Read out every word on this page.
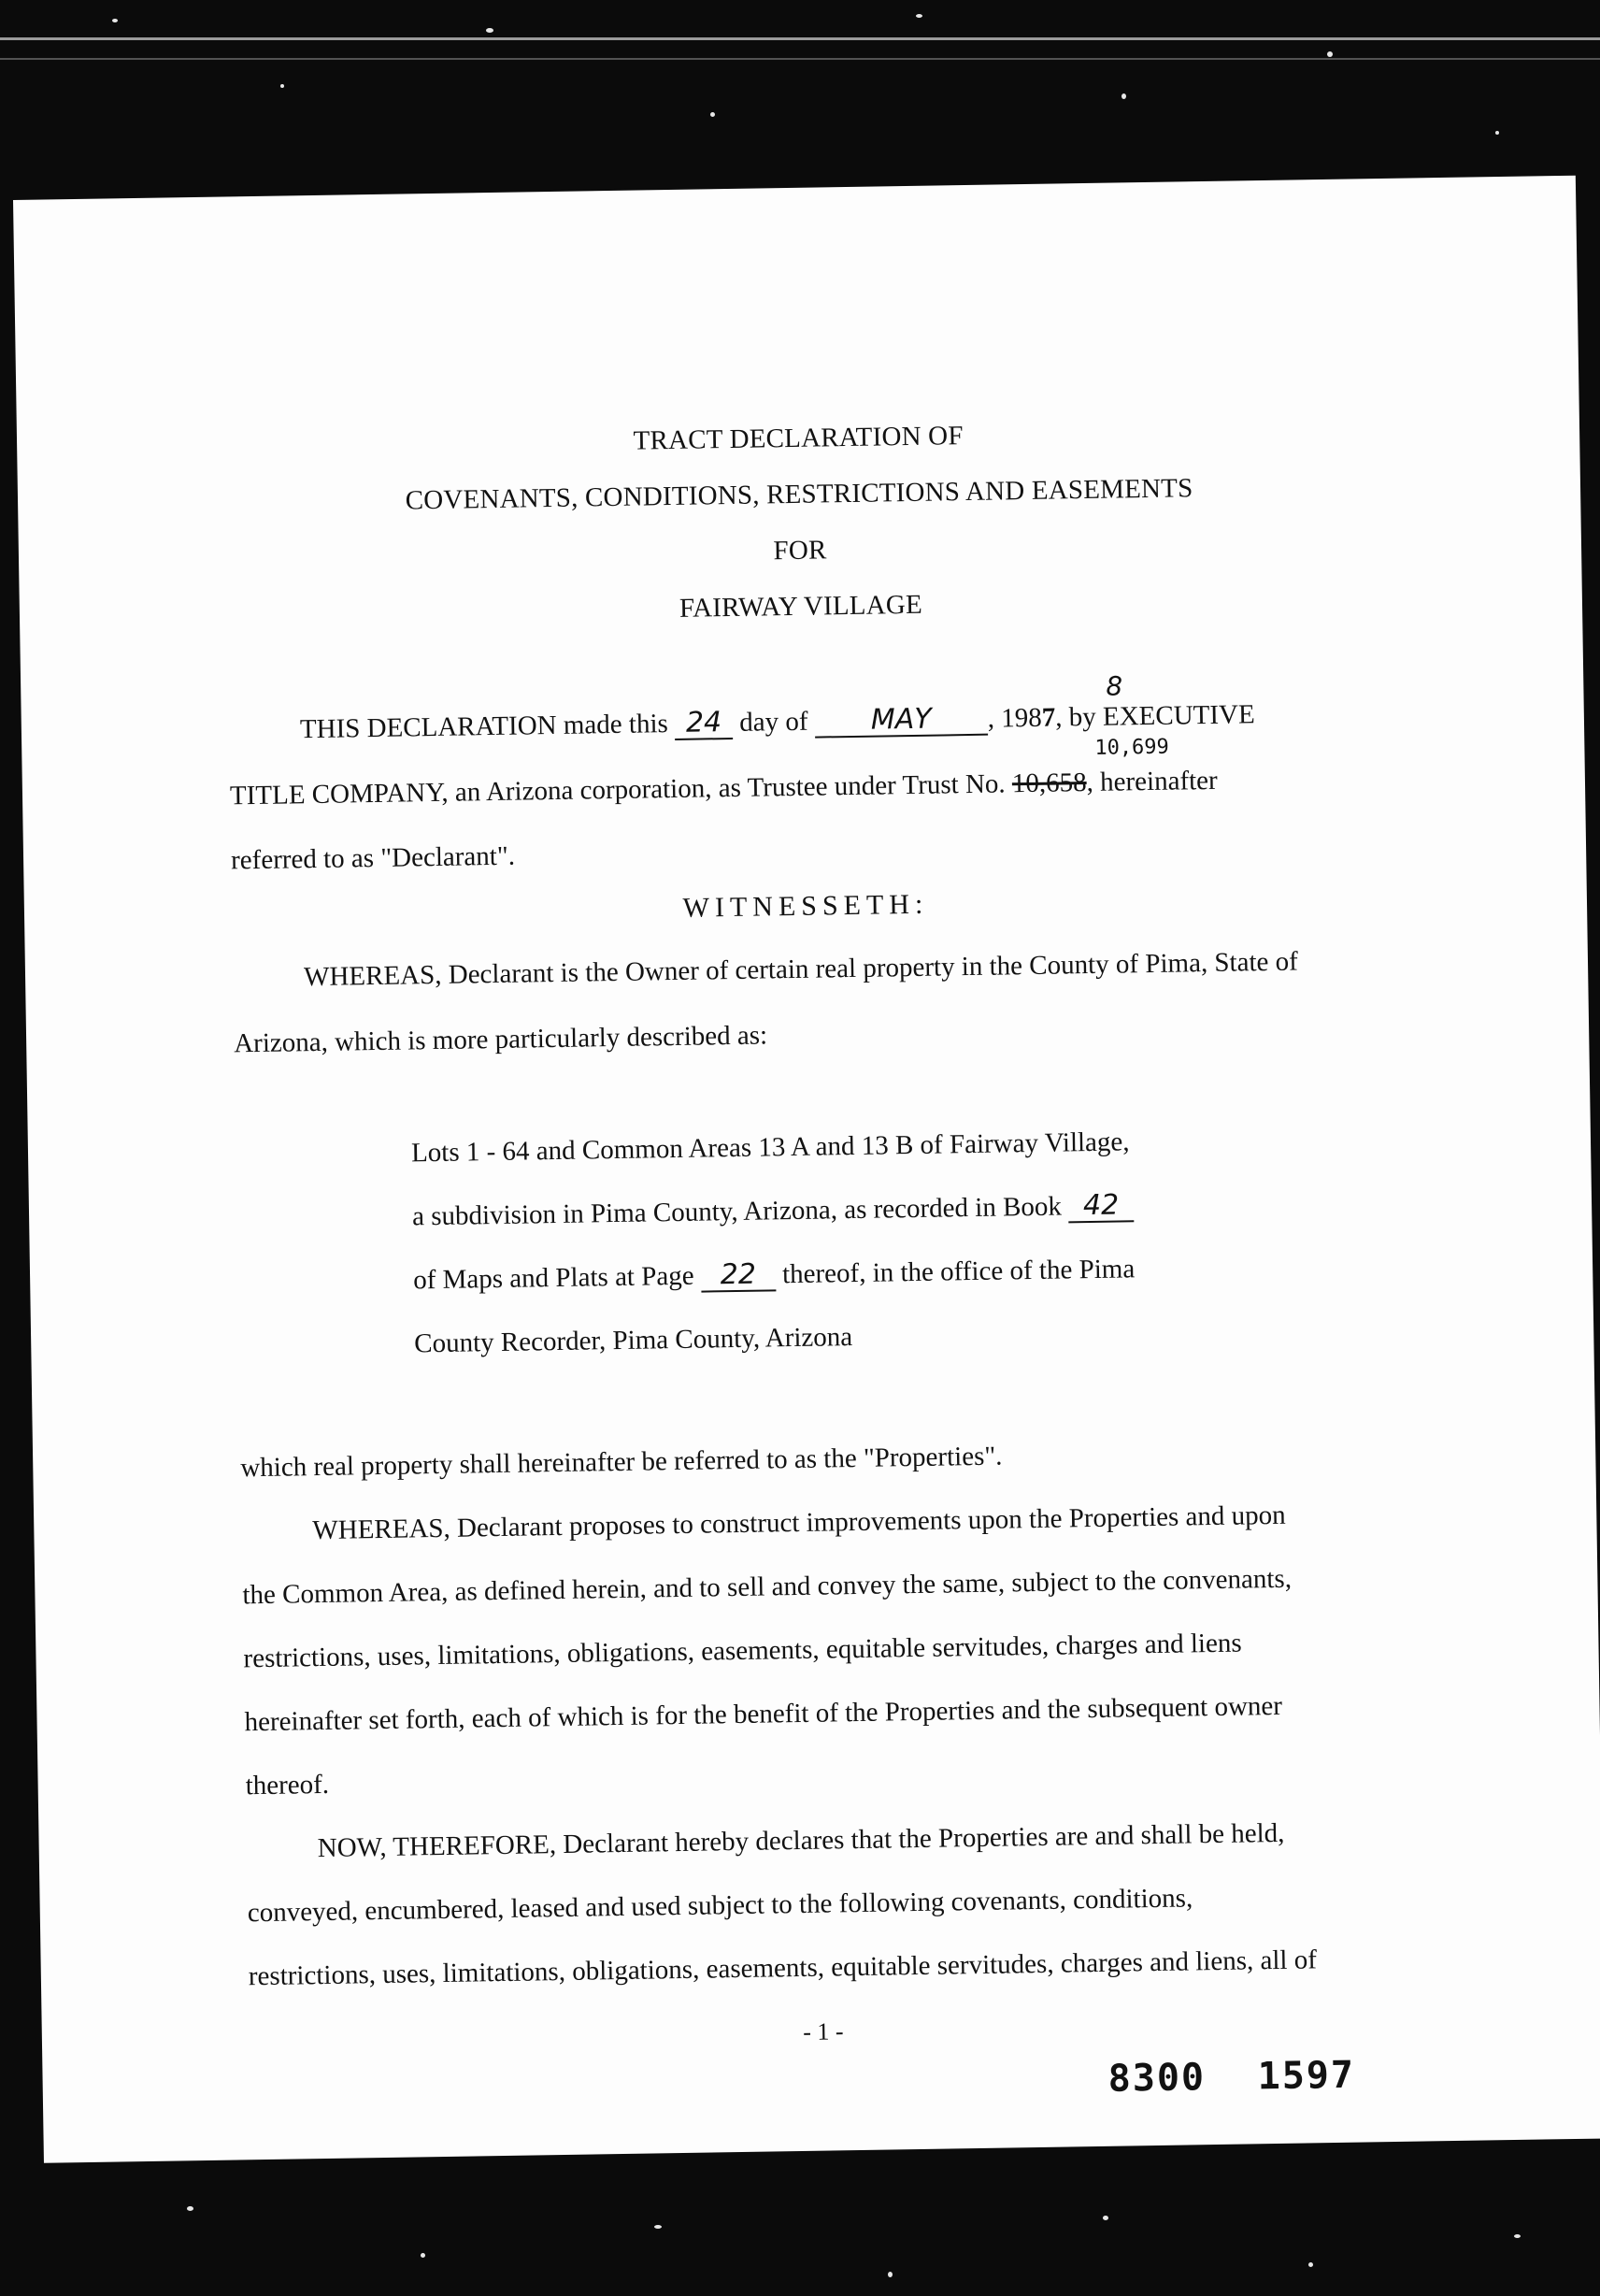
TRACT DECLARATION OF
COVENANTS, CONDITIONS, RESTRICTIONS AND EASEMENTS
FOR
FAIRWAY VILLAGE
THIS DECLARATION made this 24 day of MAY , 1987, by EXECUTIVE
8
10,699
TITLE COMPANY, an Arizona corporation, as Trustee under Trust No. 10,658, hereinafter
referred to as "Declarant".
WITNESSETH:
WHEREAS, Declarant is the Owner of certain real property in the County of Pima, State of
Arizona, which is more particularly described as:
Lots 1 - 64 and Common Areas 13 A and 13 B of Fairway Village,
a subdivision in Pima County, Arizona, as recorded in Book 42
of Maps and Plats at Page 22 thereof, in the office of the Pima
County Recorder, Pima County, Arizona
which real property shall hereinafter be referred to as the "Properties".
WHEREAS, Declarant proposes to construct improvements upon the Properties and upon
the Common Area, as defined herein, and to sell and convey the same, subject to the convenants,
restrictions, uses, limitations, obligations, easements, equitable servitudes, charges and liens
hereinafter set forth, each of which is for the benefit of the Properties and the subsequent owner
thereof.
NOW, THEREFORE, Declarant hereby declares that the Properties are and shall be held,
conveyed, encumbered, leased and used subject to the following covenants, conditions,
restrictions, uses, limitations, obligations, easements, equitable servitudes, charges and liens, all of
- 1 -
8300 1597
